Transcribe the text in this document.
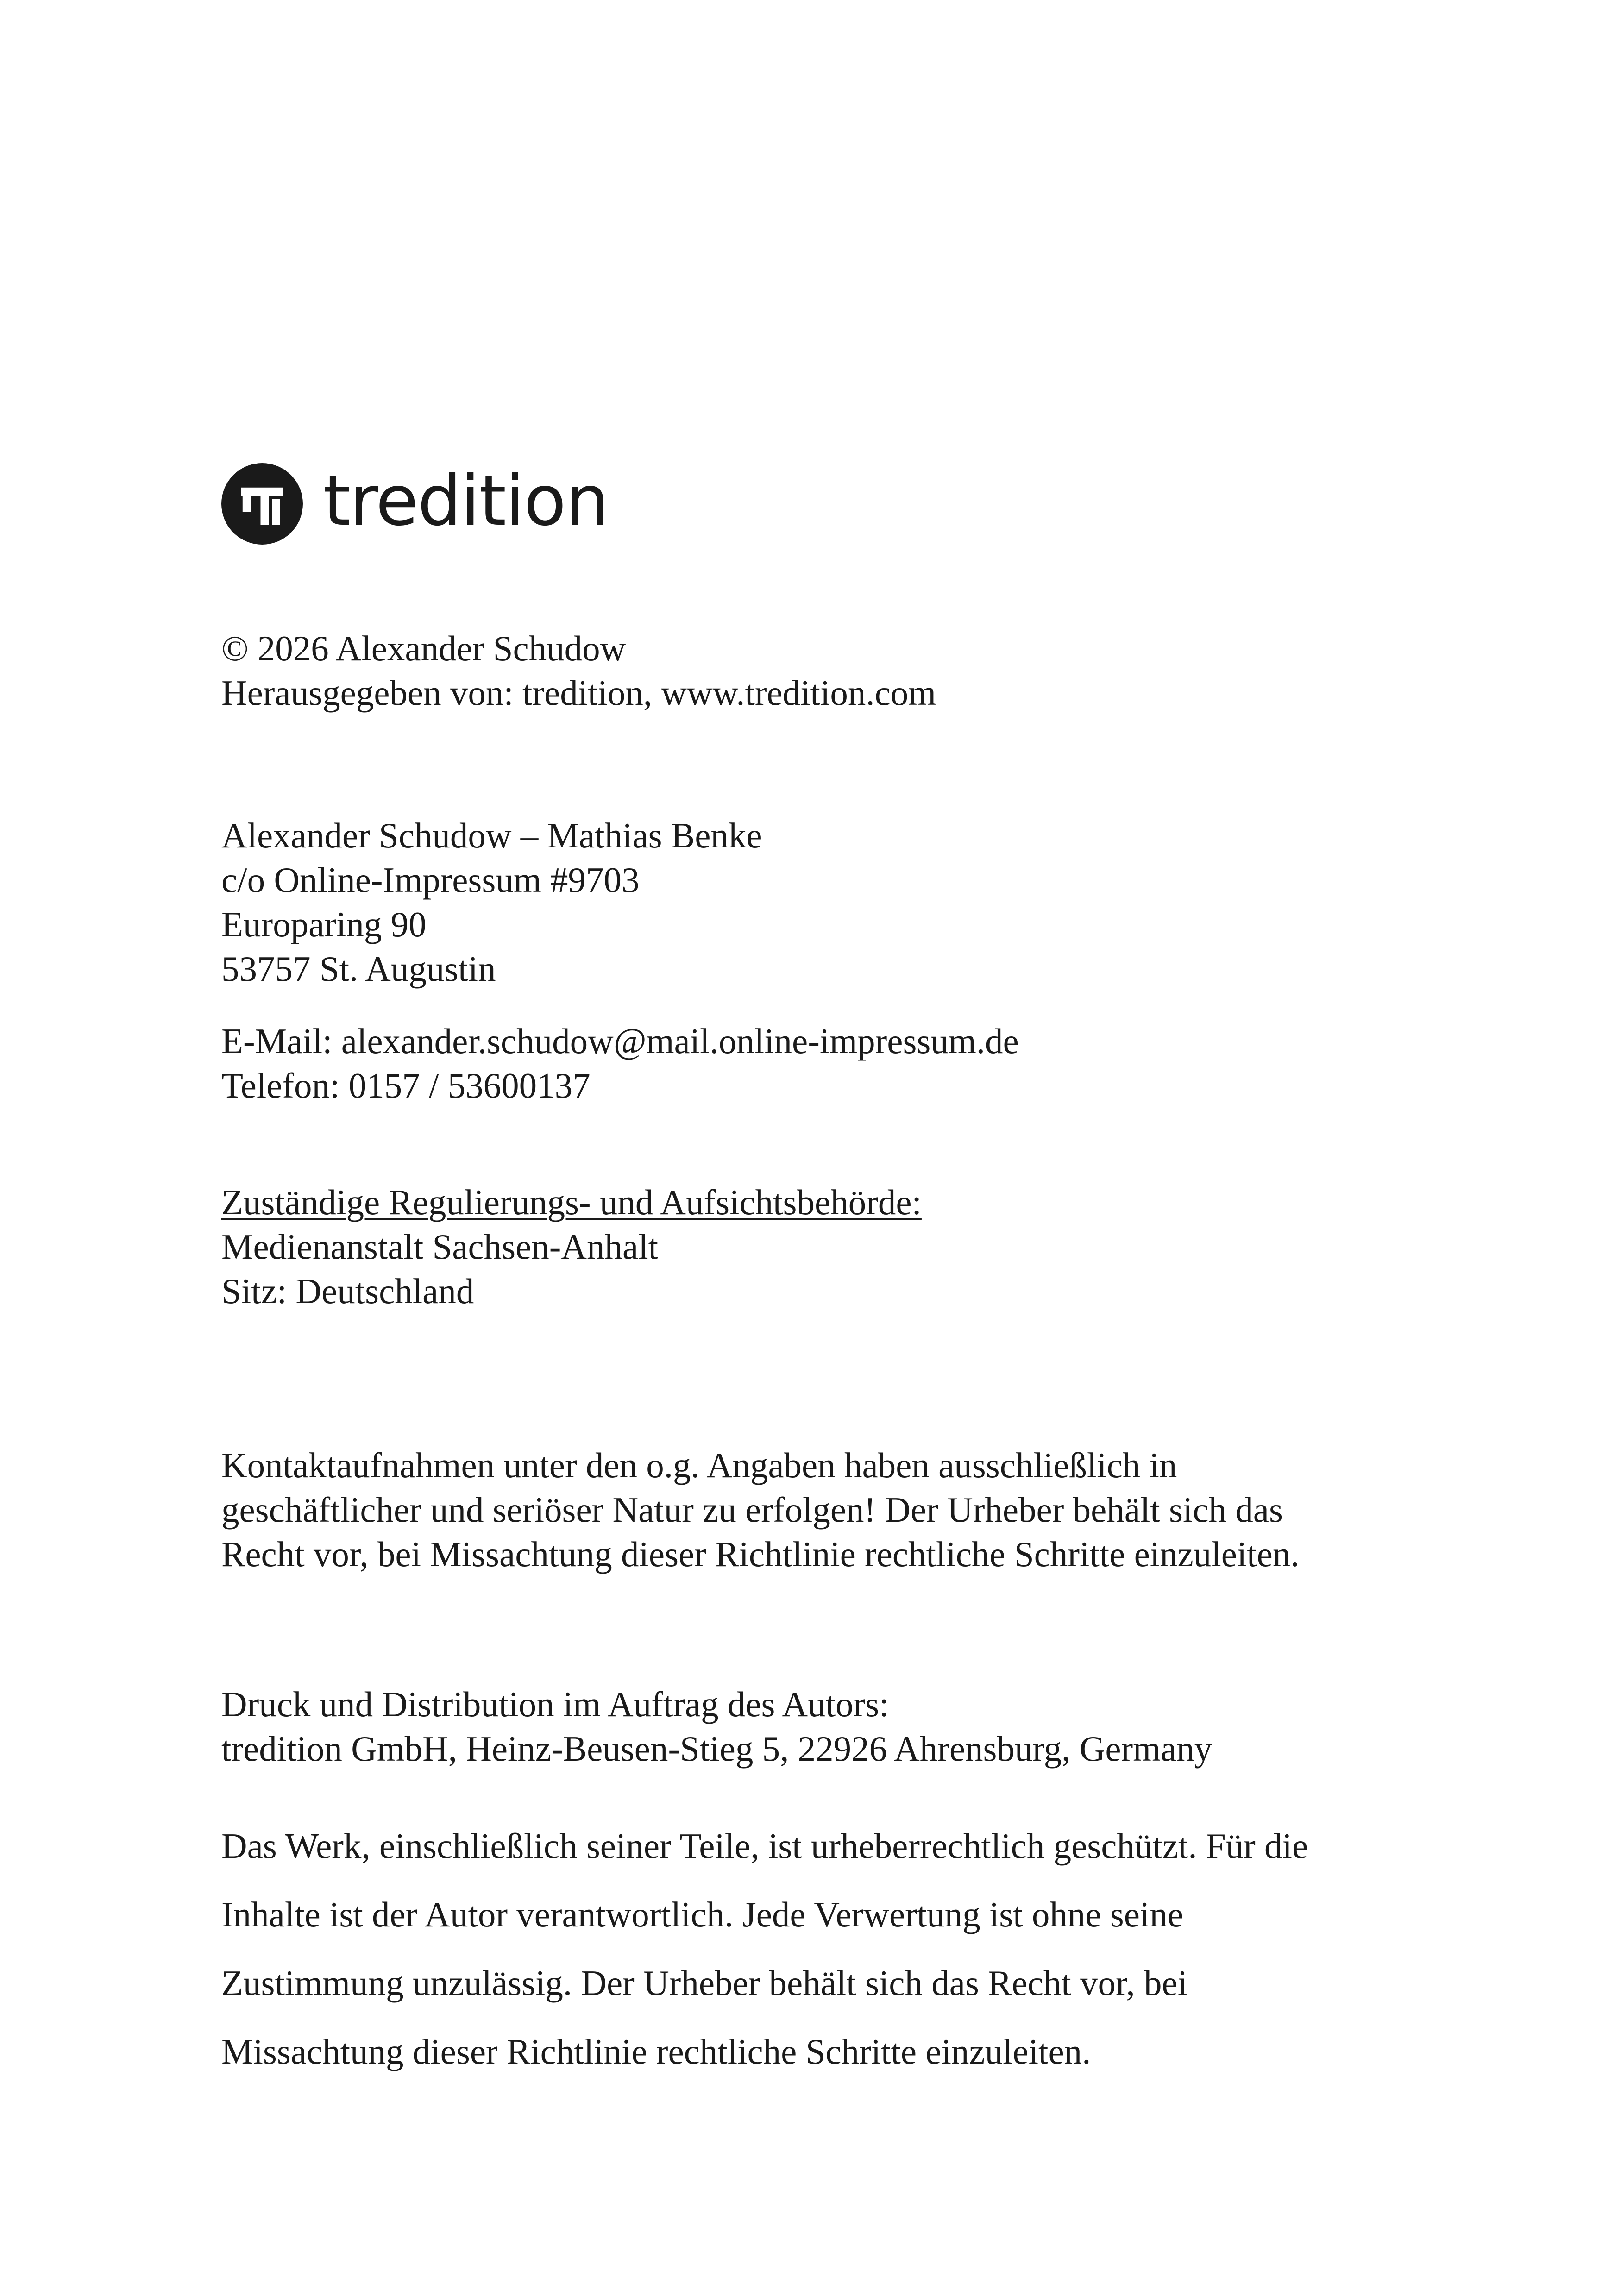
tredition
© 2026 Alexander Schudow
Herausgegeben von: tredition, www.tredition.com
Alexander Schudow – Mathias Benke
c/o Online-Impressum #9703
Europaring 90
53757 St. Augustin
E-Mail: alexander.schudow@mail.online-impressum.de
Telefon: 0157 / 53600137
Zuständige Regulierungs- und Aufsichtsbehörde:
Medienanstalt Sachsen-Anhalt
Sitz: Deutschland
Kontaktaufnahmen unter den o.g. Angaben haben ausschließlich in
geschäftlicher und seriöser Natur zu erfolgen! Der Urheber behält sich das
Recht vor, bei Missachtung dieser Richtlinie rechtliche Schritte einzuleiten.
Druck und Distribution im Auftrag des Autors:
tredition GmbH, Heinz-Beusen-Stieg 5, 22926 Ahrensburg, Germany
Das Werk, einschließlich seiner Teile, ist urheberrechtlich geschützt. Für die
Inhalte ist der Autor verantwortlich. Jede Verwertung ist ohne seine
Zustimmung unzulässig. Der Urheber behält sich das Recht vor, bei
Missachtung dieser Richtlinie rechtliche Schritte einzuleiten.
